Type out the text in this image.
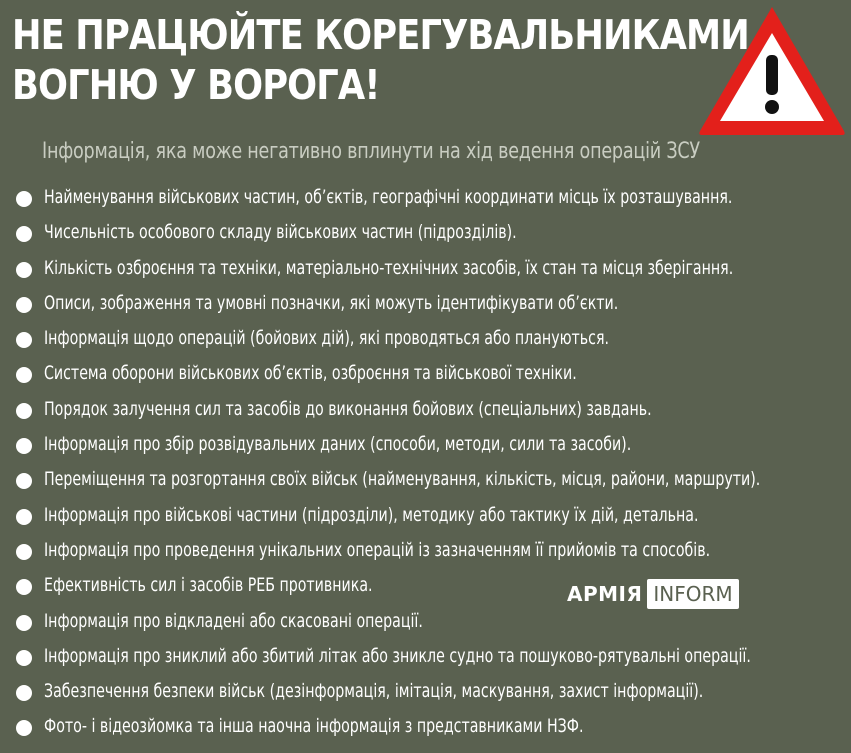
НЕ ПРАЦЮЙТЕ КОРЕГУВАЛЬНИКАМИ
ВОГНЮ У ВОРОГА!
Інформація, яка може негативно вплинути на хід ведення операцій ЗСУ
Найменування військових частин, об’єктів, географічні координати місць їх розташування.
Чисельність особового складу військових частин (підрозділів).
Кількість озброєння та техніки, матеріально-технічних засобів, їх стан та місця зберігання.
Описи, зображення та умовні позначки, які можуть ідентифікувати об’єкти.
Інформація щодо операцій (бойових дій), які проводяться або плануються.
Система оборони військових об’єктів, озброєння та військової техніки.
Порядок залучення сил та засобів до виконання бойових (спеціальних) завдань.
Інформація про збір розвідувальних даних (способи, методи, сили та засоби).
Переміщення та розгортання своїх військ (найменування, кількість, місця, райони, маршрути).
Інформація про військові частини (підрозділи), методику або тактику їх дій, детальна.
Інформація про проведення унікальних операцій із зазначенням її прийомів та способів.
Ефективність сил і засобів РЕБ противника.
Інформація про відкладені або скасовані операції.
Інформація про зниклий або збитий літак або зникле судно та пошуково-рятувальні операції.
Забезпечення безпеки військ (дезінформація, імітація, маскування, захист інформації).
Фото- і відеозйомка та інша наочна інформація з представниками НЗФ.
АРМІЯ INFORM
